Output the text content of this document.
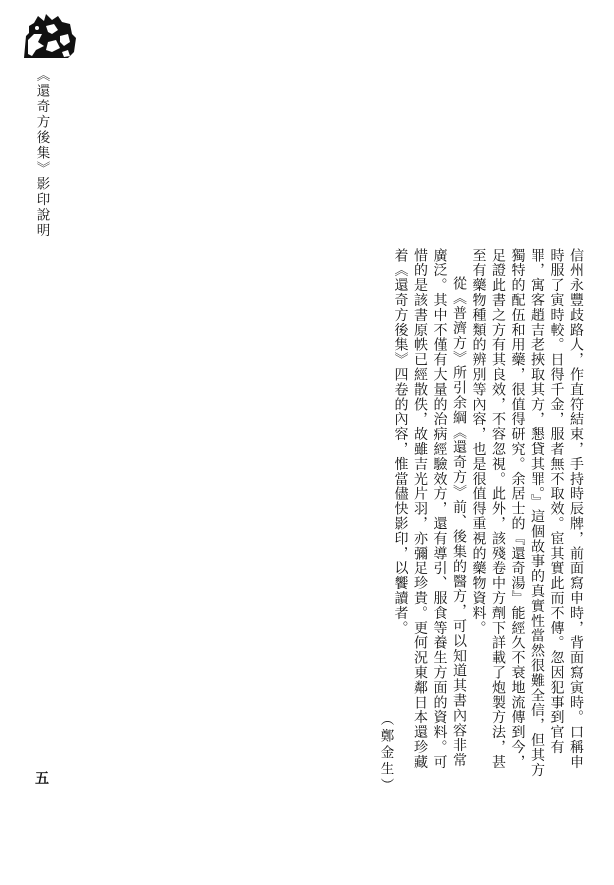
《還奇方後集》影印說明

信州永豐歧路人，作直符結束，手持時辰牌，前面寫申時，背面寫寅時。口稱申時服了寅時較。日得千金，服者無不取效。宦其實此而不傳。忽因犯事到官有罪，寓客趙吉老挾取其方，懇貸其罪。』這個故事的真實性當然很難全信，但其方獨特的配伍和用藥，很值得研究。余居士的『還奇湯』能經久不衰地流傳到今，足證此書之方有其良效，不容忽視。此外，該殘卷中方劑下詳載了炮製方法，甚至有藥物種類的辨別等內容，也是很值得重視的藥物資料。

從《普濟方》所引余綱《還奇方》前、後集的醫方，可以知道其書內容非常廣泛。其中不僅有大量的治病經驗效方，還有導引、服食等養生方面的資料。可惜的是該書原帙已經散佚，故雖吉光片羽，亦彌足珍貴。更何況東鄰日本還珍藏着《還奇方後集》四卷的內容，惟當儘快影印，以饗讀者。

（鄭金生）
五
